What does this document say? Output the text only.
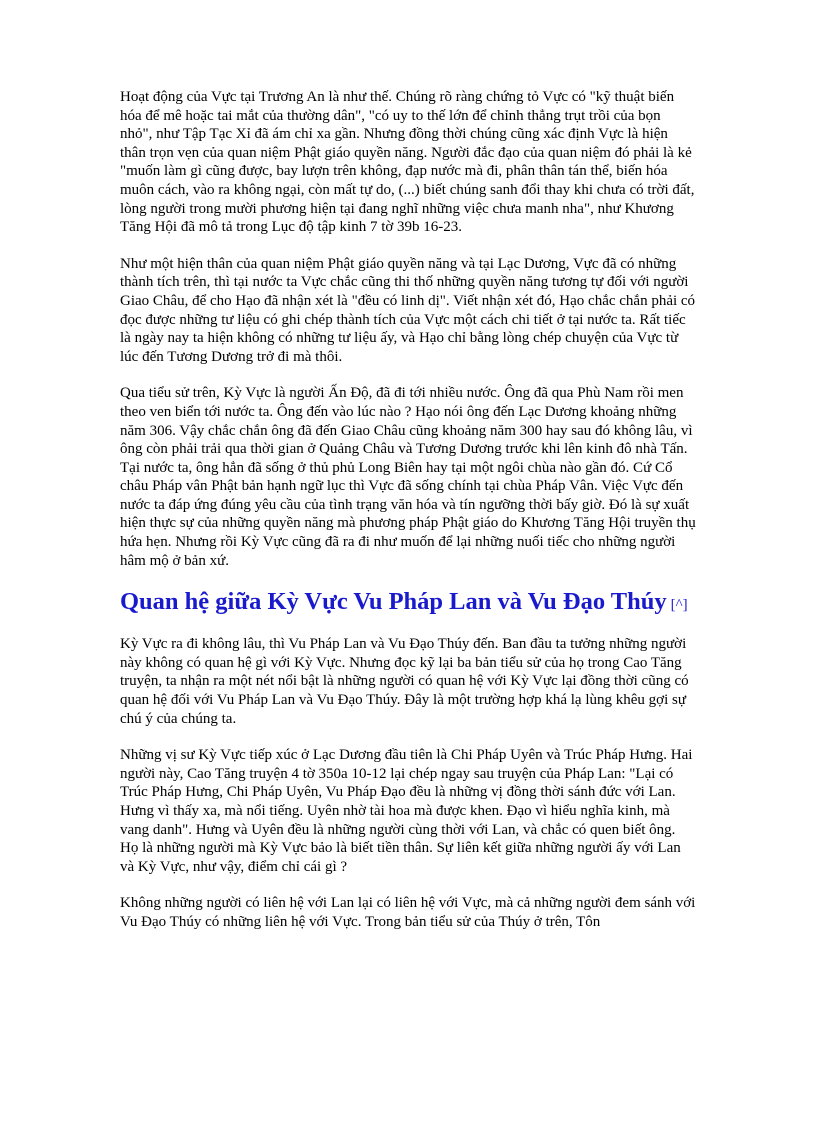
Hoạt động của Vực tại Trương An là như thế. Chúng rõ ràng chứng tỏ Vực có "kỹ thuật biến hóa để mê hoặc tai mắt của thường dân", "có uy to thế lớn để chỉnh thẳng trụt trồi của bọn nhỏ", như Tập Tạc Xỉ đã ám chỉ xa gần. Nhưng đồng thời chúng cũng xác định Vực là hiện thân trọn vẹn của quan niệm Phật giáo quyền năng. Người đắc đạo của quan niệm đó phải là kẻ "muốn làm gì cũng được, bay lượn trên không, đạp nước mà đi, phân thân tán thể, biến hóa muôn cách, vào ra không ngại, còn mất tự do, (...) biết chúng sanh đổi thay khi chưa có trời đất, lòng người trong mười phương hiện tại đang nghĩ những việc chưa manh nha", như Khương Tăng Hội đã mô tả trong Lục độ tập kinh 7 tờ 39b 16-23.

Như một hiện thân của quan niệm Phật giáo quyền năng và tại Lạc Dương, Vực đã có những thành tích trên, thì tại nước ta Vực chắc cũng thi thố những quyền năng tương tự đối với người Giao Châu, để cho Hạo đã nhận xét là "đều có linh dị". Viết nhận xét đó, Hạo chắc chắn phải có đọc được những tư liệu có ghi chép thành tích của Vực một cách chi tiết ở tại nước ta. Rất tiếc là ngày nay ta hiện không có những tư liệu ấy, và Hạo chỉ bằng lòng chép chuyện của Vực từ lúc đến Tương Dương trở đi mà thôi.

Qua tiểu sử trên, Kỳ Vực là người Ấn Độ, đã đi tới nhiều nước. Ông đã qua Phù Nam rồi men theo ven biển tới nước ta. Ông đến vào lúc nào ? Hạo nói ông đến Lạc Dương khoảng những năm 306. Vậy chắc chắn ông đã đến Giao Châu cũng khoảng năm 300 hay sau đó không lâu, vì ông còn phải trải qua thời gian ở Quảng Châu và Tương Dương trước khi lên kinh đô nhà Tấn. Tại nước ta, ông hẳn đã sống ở thủ phủ Long Biên hay tại một ngôi chùa nào gần đó. Cứ Cổ châu Pháp vân Phật bản hạnh ngữ lục thì Vực đã sống chính tại chùa Pháp Vân. Việc Vực đến nước ta đáp ứng đúng yêu cầu của tình trạng văn hóa và tín ngưỡng thời bấy giờ. Đó là sự xuất hiện thực sự của những quyền năng mà phương pháp Phật giáo do Khương Tăng Hội truyền thụ hứa hẹn. Nhưng rồi Kỳ Vực cũng đã ra đi như muốn để lại những nuối tiếc cho những người hâm mộ ở bản xứ.

Quan hệ giữa Kỳ Vực Vu Pháp Lan và Vu Đạo Thúy [^]

Kỳ Vực ra đi không lâu, thì Vu Pháp Lan và Vu Đạo Thúy đến. Ban đầu ta tưởng những người này không có quan hệ gì với Kỳ Vực. Nhưng đọc kỹ lại ba bản tiểu sử của họ trong Cao Tăng truyện, ta nhận ra một nét nổi bật là những người có quan hệ với Kỳ Vực lại đồng thời cũng có quan hệ đối với Vu Pháp Lan và Vu Đạo Thúy. Đây là một trường hợp khá lạ lùng khêu gợi sự chú ý của chúng ta.

Những vị sư Kỳ Vực tiếp xúc ở Lạc Dương đầu tiên là Chi Pháp Uyên và Trúc Pháp Hưng. Hai người này, Cao Tăng truyện 4 tờ 350a 10-12 lại chép ngay sau truyện của Pháp Lan: "Lại có Trúc Pháp Hưng, Chi Pháp Uyên, Vu Pháp Đạo đều là những vị đồng thời sánh đức với Lan. Hưng vì thấy xa, mà nổi tiếng. Uyên nhờ tài hoa mà được khen. Đạo vì hiểu nghĩa kinh, mà vang danh". Hưng và Uyên đều là những người cùng thời với Lan, và chắc có quen biết ông. Họ là những người mà Kỳ Vực bảo là biết tiền thân. Sự liên kết giữa những người ấy với Lan và Kỳ Vực, như vậy, điểm chỉ cái gì ?

Không những người có liên hệ với Lan lại có liên hệ với Vực, mà cả những người đem sánh với Vu Đạo Thúy có những liên hệ với Vực. Trong bản tiểu sử của Thúy ở trên, Tôn
